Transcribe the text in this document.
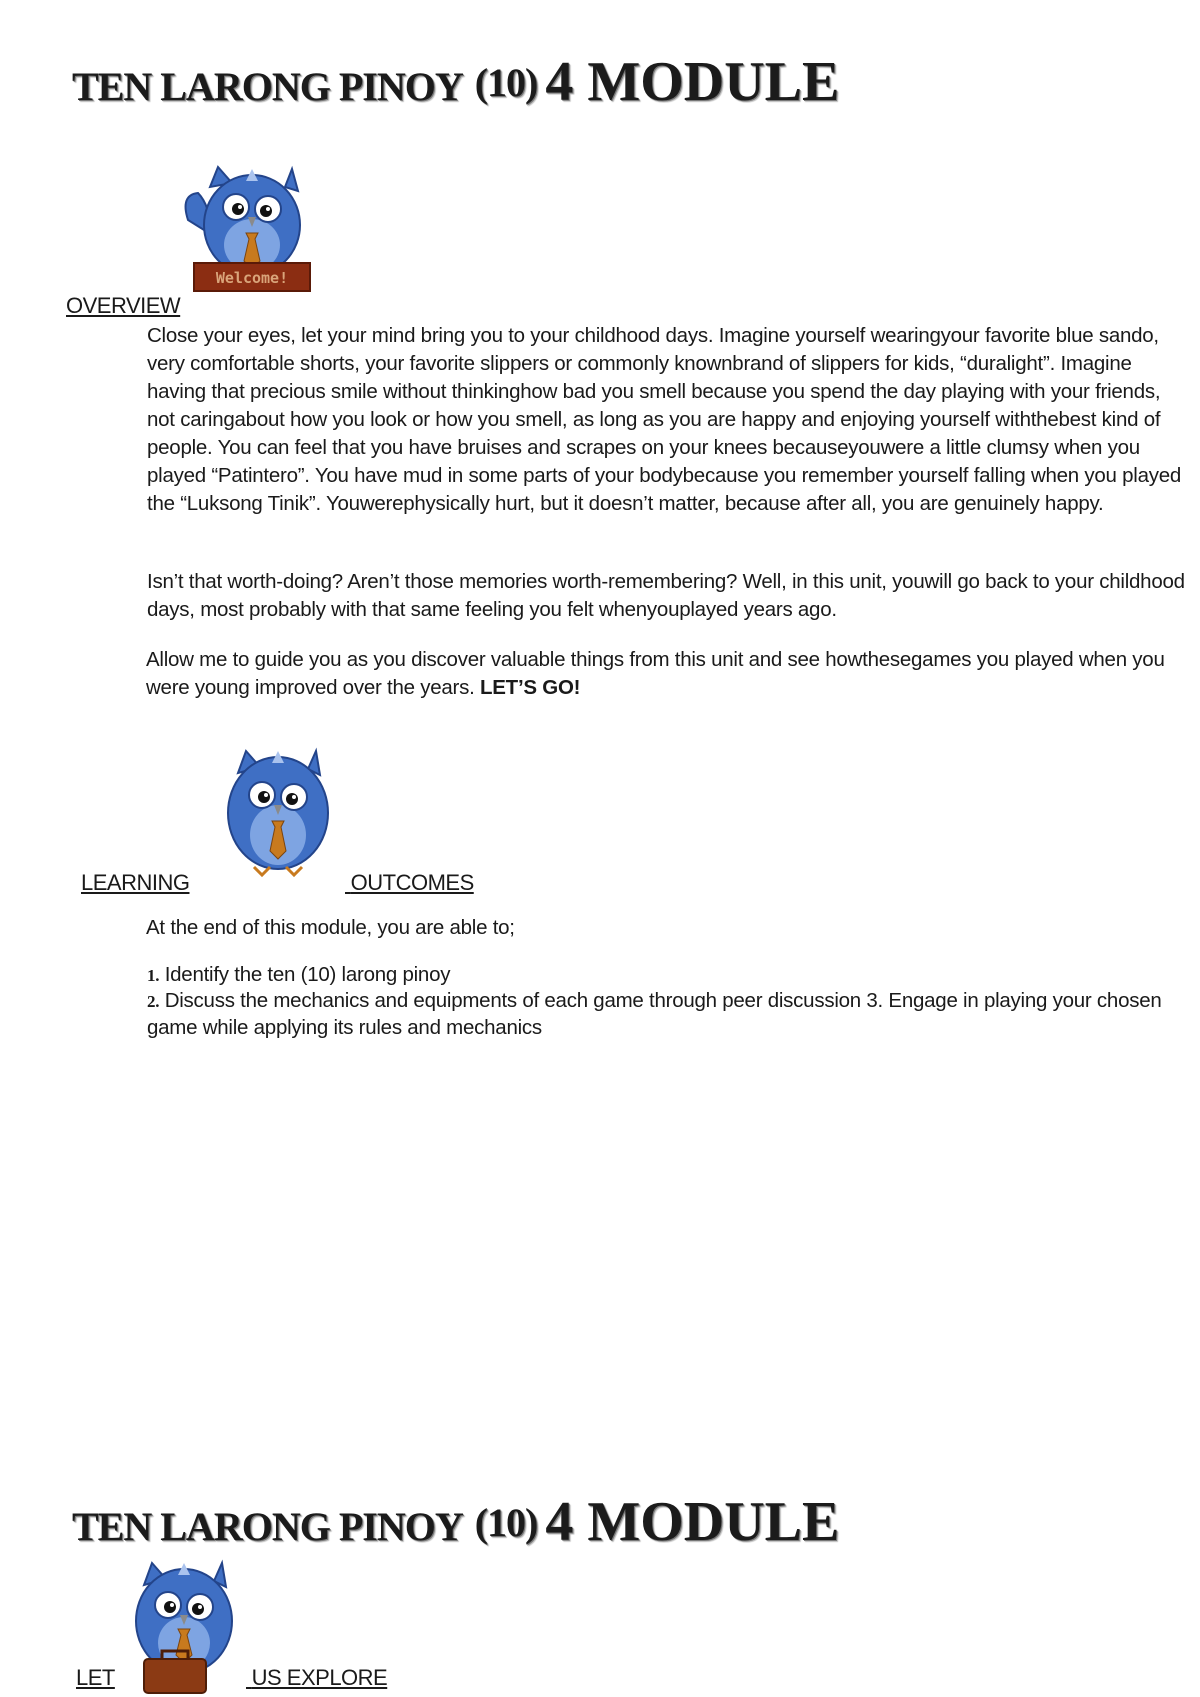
TEN LARONG PINOY (10) 4 MODULE
Welcome!
OVERVIEW

Close your eyes, let your mind bring you to your childhood days. Imagine yourself wearingyour favorite blue sando, very comfortable shorts, your favorite slippers or commonly knownbrand of slippers for kids, “duralight”. Imagine having that precious smile without thinkinghow bad you smell because you spend the day playing with your friends, not caringabout how you look or how you smell, as long as you are happy and enjoying yourself withthebest kind of people. You can feel that you have bruises and scrapes on your knees becauseyouwere a little clumsy when you played “Patintero”. You have mud in some parts of your bodybecause you remember yourself falling when you played the “Luksong Tinik”. Youwerephysically hurt, but it doesn’t matter, because after all, you are genuinely happy.

Isn’t that worth-doing? Aren’t those memories worth-remembering? Well, in this unit, youwill go back to your childhood days, most probably with that same feeling you felt whenyouplayed years ago.

Allow me to guide you as you discover valuable things from this unit and see howthesegames you played when you were young improved over the years. LET’S GO!

LEARNING	OUTCOMES
At the end of this module, you are able to;
1. Identify the ten (10) larong pinoy
2. Discuss the mechanics and equipments of each game through peer discussion 3. Engage in playing your chosen game while applying its rules and mechanics
TEN LARONG PINOY (10) 4 MODULE
LET	US EXPLORE
